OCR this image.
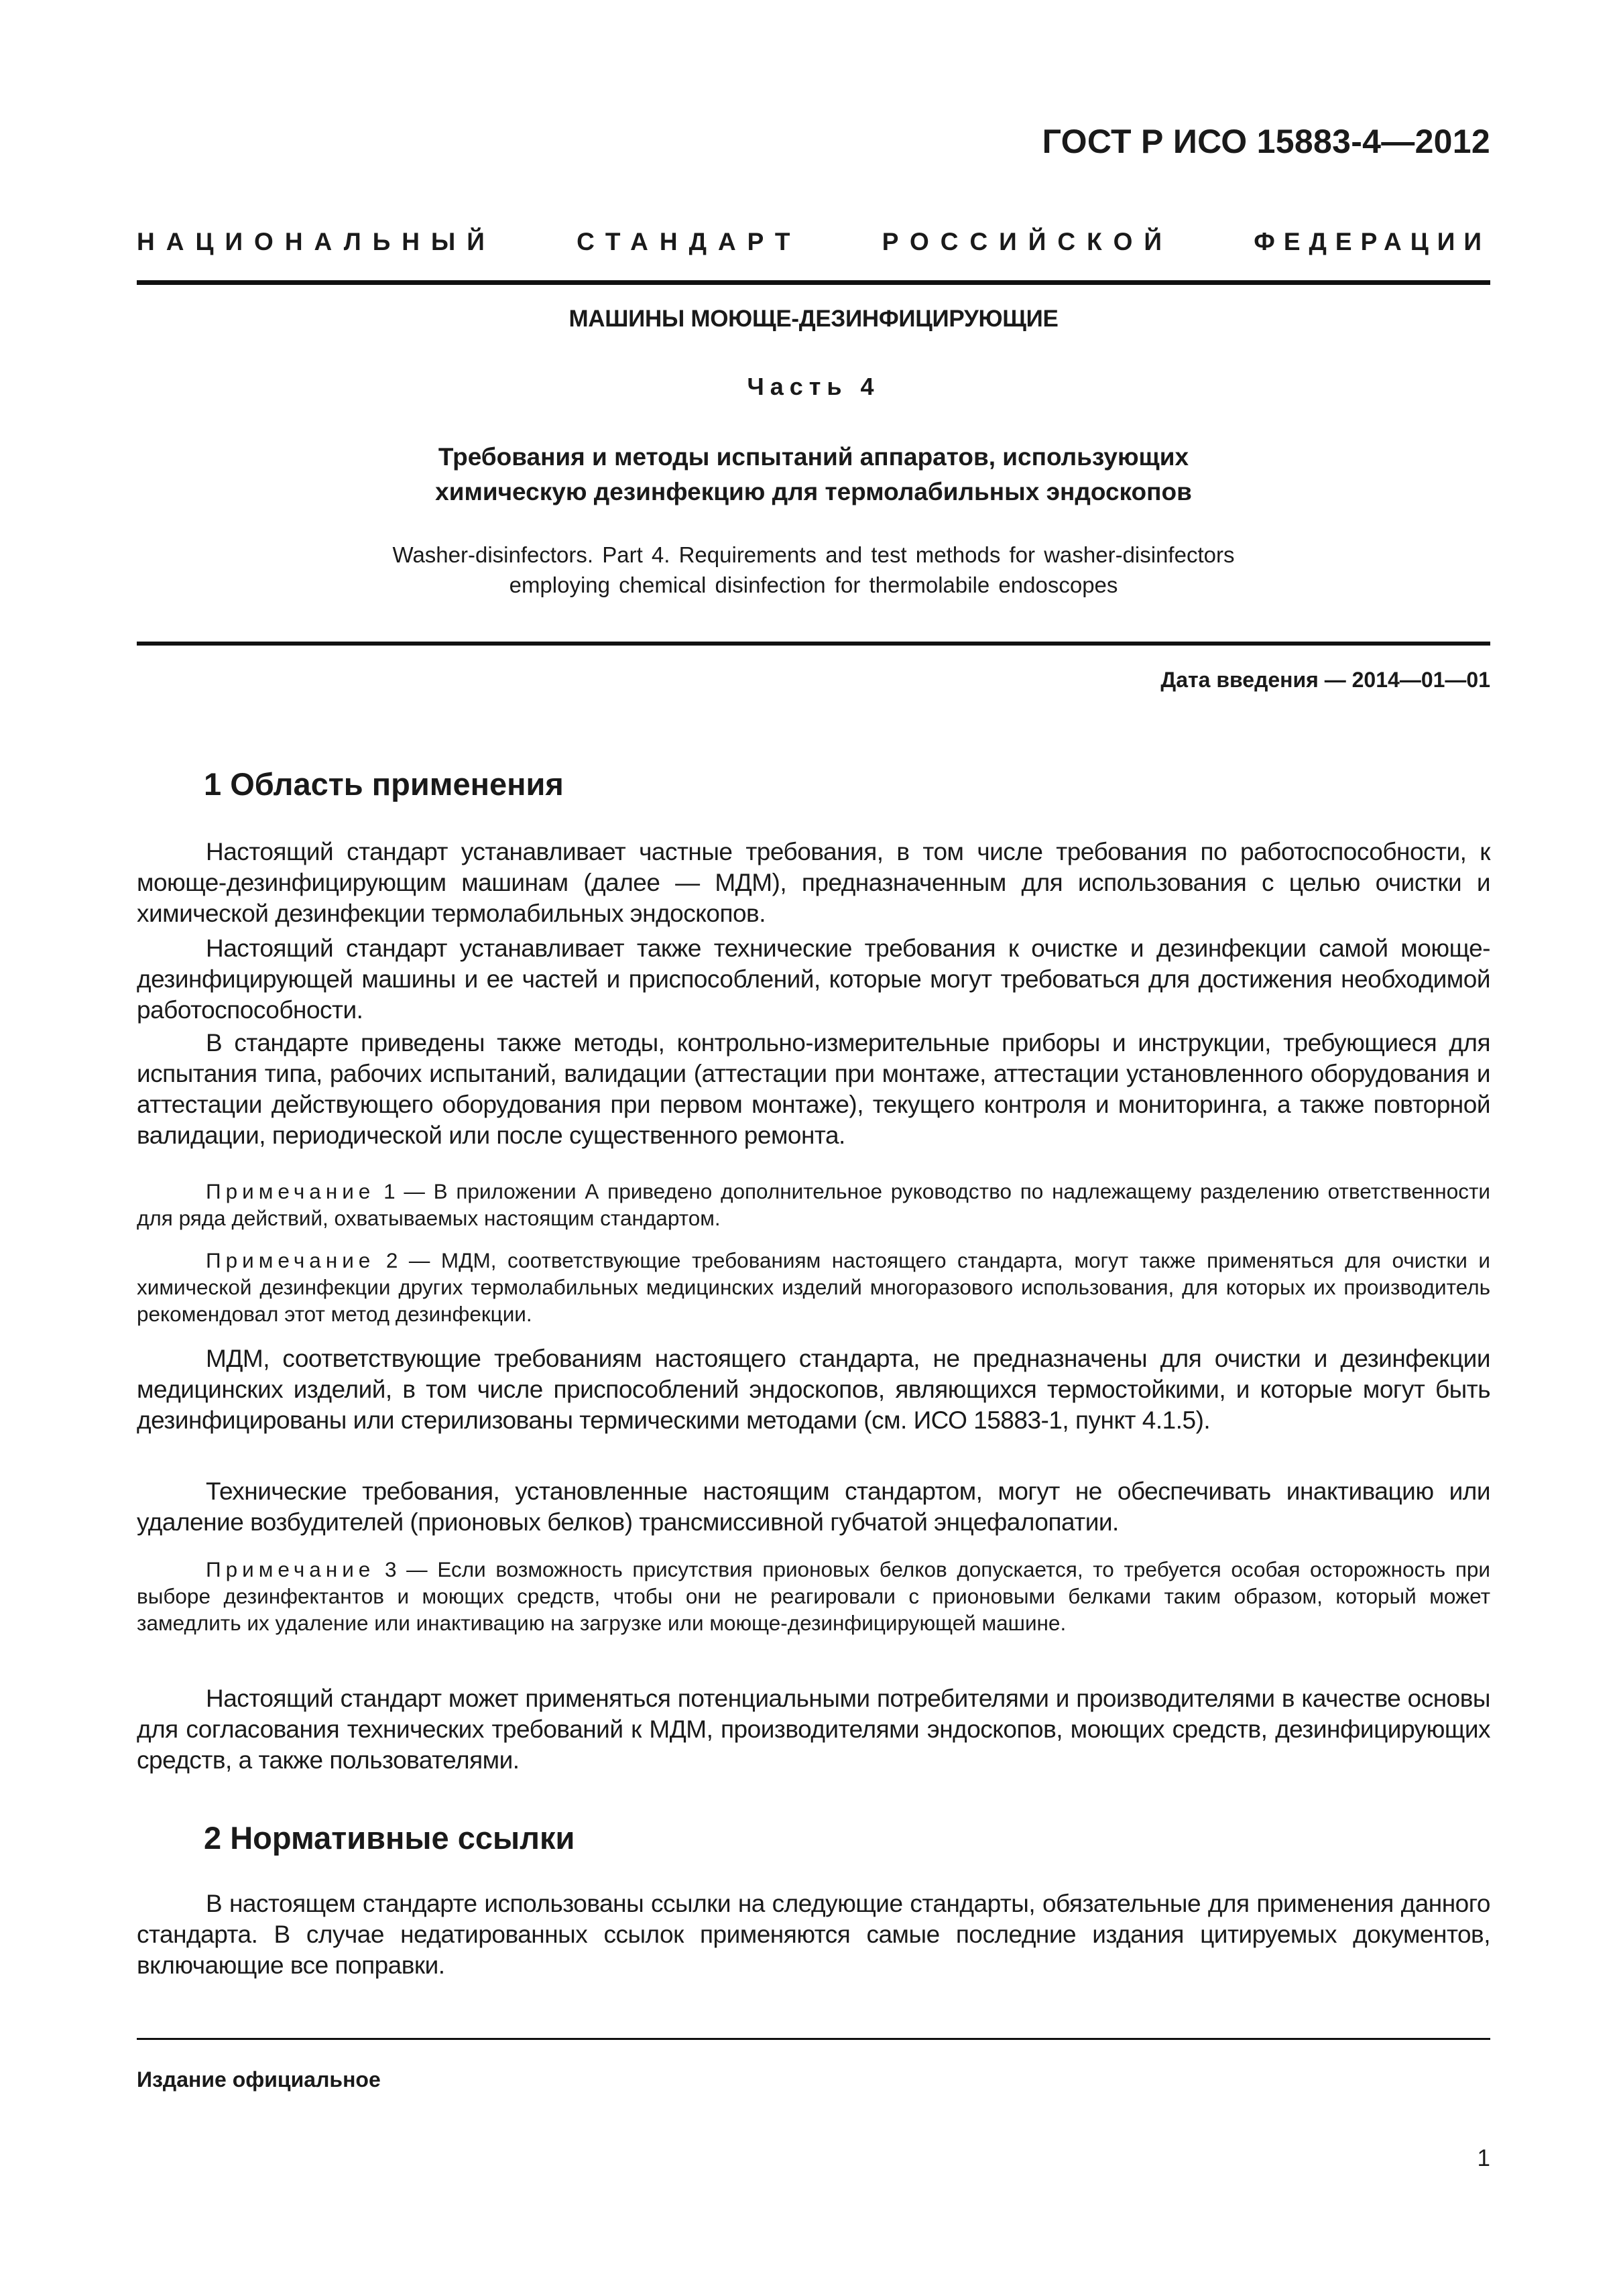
ГОСТ Р ИСО 15883-4—2012
НАЦИОНАЛЬНЫЙ	СТАНДАРТ	РОССИЙСКОЙ	ФЕДЕРАЦИИ
МАШИНЫ МОЮЩЕ-ДЕЗИНФИЦИРУЮЩИЕ
Часть 4
Требования и методы испытаний аппаратов, использующих
химическую дезинфекцию для термолабильных эндоскопов
Washer-disinfectors. Part 4. Requirements and test methods for washer-disinfectors
employing chemical disinfection for thermolabile endoscopes
Дата введения — 2014—01—01
1 Область применения

Настоящий стандарт устанавливает частные требования, в том числе требования по работоспособности, к моюще-дезинфицирующим машинам (далее — МДМ), предназначенным для использования с целью очистки и химической дезинфекции термолабильных эндоскопов.

Настоящий стандарт устанавливает также технические требования к очистке и дезинфекции самой моюще-дезинфицирующей машины и ее частей и приспособлений, которые могут требоваться для достижения необходимой работоспособности.

В стандарте приведены также методы, контрольно-измерительные приборы и инструкции, требующиеся для испытания типа, рабочих испытаний, валидации (аттестации при монтаже, аттестации установленного оборудования и аттестации действующего оборудования при первом монтаже), текущего контроля и мониторинга, а также повторной валидации, периодической или после существенного ремонта.

Примечание 1 — В приложении А приведено дополнительное руководство по надлежащему разделению ответственности для ряда действий, охватываемых настоящим стандартом.

Примечание 2 — МДМ, соответствующие требованиям настоящего стандарта, могут также применяться для очистки и химической дезинфекции других термолабильных медицинских изделий многоразового использования, для которых их производитель рекомендовал этот метод дезинфекции.

МДМ, соответствующие требованиям настоящего стандарта, не предназначены для очистки и дезинфекции медицинских изделий, в том числе приспособлений эндоскопов, являющихся термостойкими, и которые могут быть дезинфицированы или стерилизованы термическими методами (см. ИСО 15883-1, пункт 4.1.5).

Технические требования, установленные настоящим стандартом, могут не обеспечивать инактивацию или удаление возбудителей (прионовых белков) трансмиссивной губчатой энцефалопатии.

Примечание 3 — Если возможность присутствия прионовых белков допускается, то требуется особая осторожность при выборе дезинфектантов и моющих средств, чтобы они не реагировали с прионовыми белками таким образом, который может замедлить их удаление или инактивацию на загрузке или моюще-дезинфицирующей машине.

Настоящий стандарт может применяться потенциальными потребителями и производителями в качестве основы для согласования технических требований к МДМ, производителями эндоскопов, моющих средств, дезинфицирующих средств, а также пользователями.

2 Нормативные ссылки

В настоящем стандарте использованы ссылки на следующие стандарты, обязательные для применения данного стандарта. В случае недатированных ссылок применяются самые последние издания цитируемых документов, включающие все поправки.

Издание официальное
1
